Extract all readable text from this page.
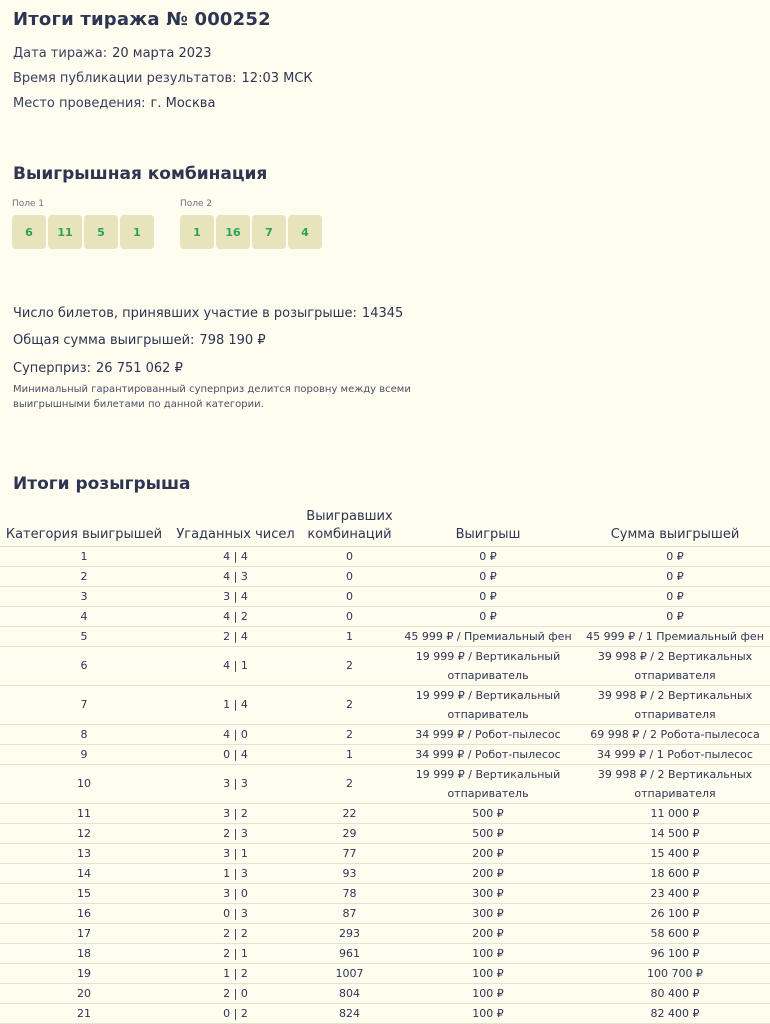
Итоги тиража № 000252
Дата тиража: 20 марта 2023
Время публикации результатов: 12:03 МСК
Место проведения: г. Москва
Выигрышная комбинация
Поле 1
6	11	5	1
Поле 2
1	16	7	4
Число билетов, принявших участие в розыгрыше: 14345
Общая сумма выигрышей: 798 190 ₽
Суперприз: 26 751 062 ₽
Минимальный гарантированный суперприз делится поровну между всеми выигрышными билетами по данной категории.
Итоги розыгрыша
Категория выигрышей	Угаданных чисел	Выигравших комбинаций	Выигрыш	Сумма выигрышей
1	4 | 4	0	0 ₽	0 ₽
2	4 | 3	0	0 ₽	0 ₽
3	3 | 4	0	0 ₽	0 ₽
4	4 | 2	0	0 ₽	0 ₽
5	2 | 4	1	45 999 ₽ / Премиальный фен	45 999 ₽ / 1 Премиальный фен
6	4 | 1	2	19 999 ₽ / Вертикальный отпариватель	39 998 ₽ / 2 Вертикальных отпаривателя
7	1 | 4	2	19 999 ₽ / Вертикальный отпариватель	39 998 ₽ / 2 Вертикальных отпаривателя
8	4 | 0	2	34 999 ₽ / Робот-пылесос	69 998 ₽ / 2 Робота-пылесоса
9	0 | 4	1	34 999 ₽ / Робот-пылесос	34 999 ₽ / 1 Робот-пылесос
10	3 | 3	2	19 999 ₽ / Вертикальный отпариватель	39 998 ₽ / 2 Вертикальных отпаривателя
11	3 | 2	22	500 ₽	11 000 ₽
12	2 | 3	29	500 ₽	14 500 ₽
13	3 | 1	77	200 ₽	15 400 ₽
14	1 | 3	93	200 ₽	18 600 ₽
15	3 | 0	78	300 ₽	23 400 ₽
16	0 | 3	87	300 ₽	26 100 ₽
17	2 | 2	293	200 ₽	58 600 ₽
18	2 | 1	961	100 ₽	96 100 ₽
19	1 | 2	1007	100 ₽	100 700 ₽
20	2 | 0	804	100 ₽	80 400 ₽
21	0 | 2	824	100 ₽	82 400 ₽
